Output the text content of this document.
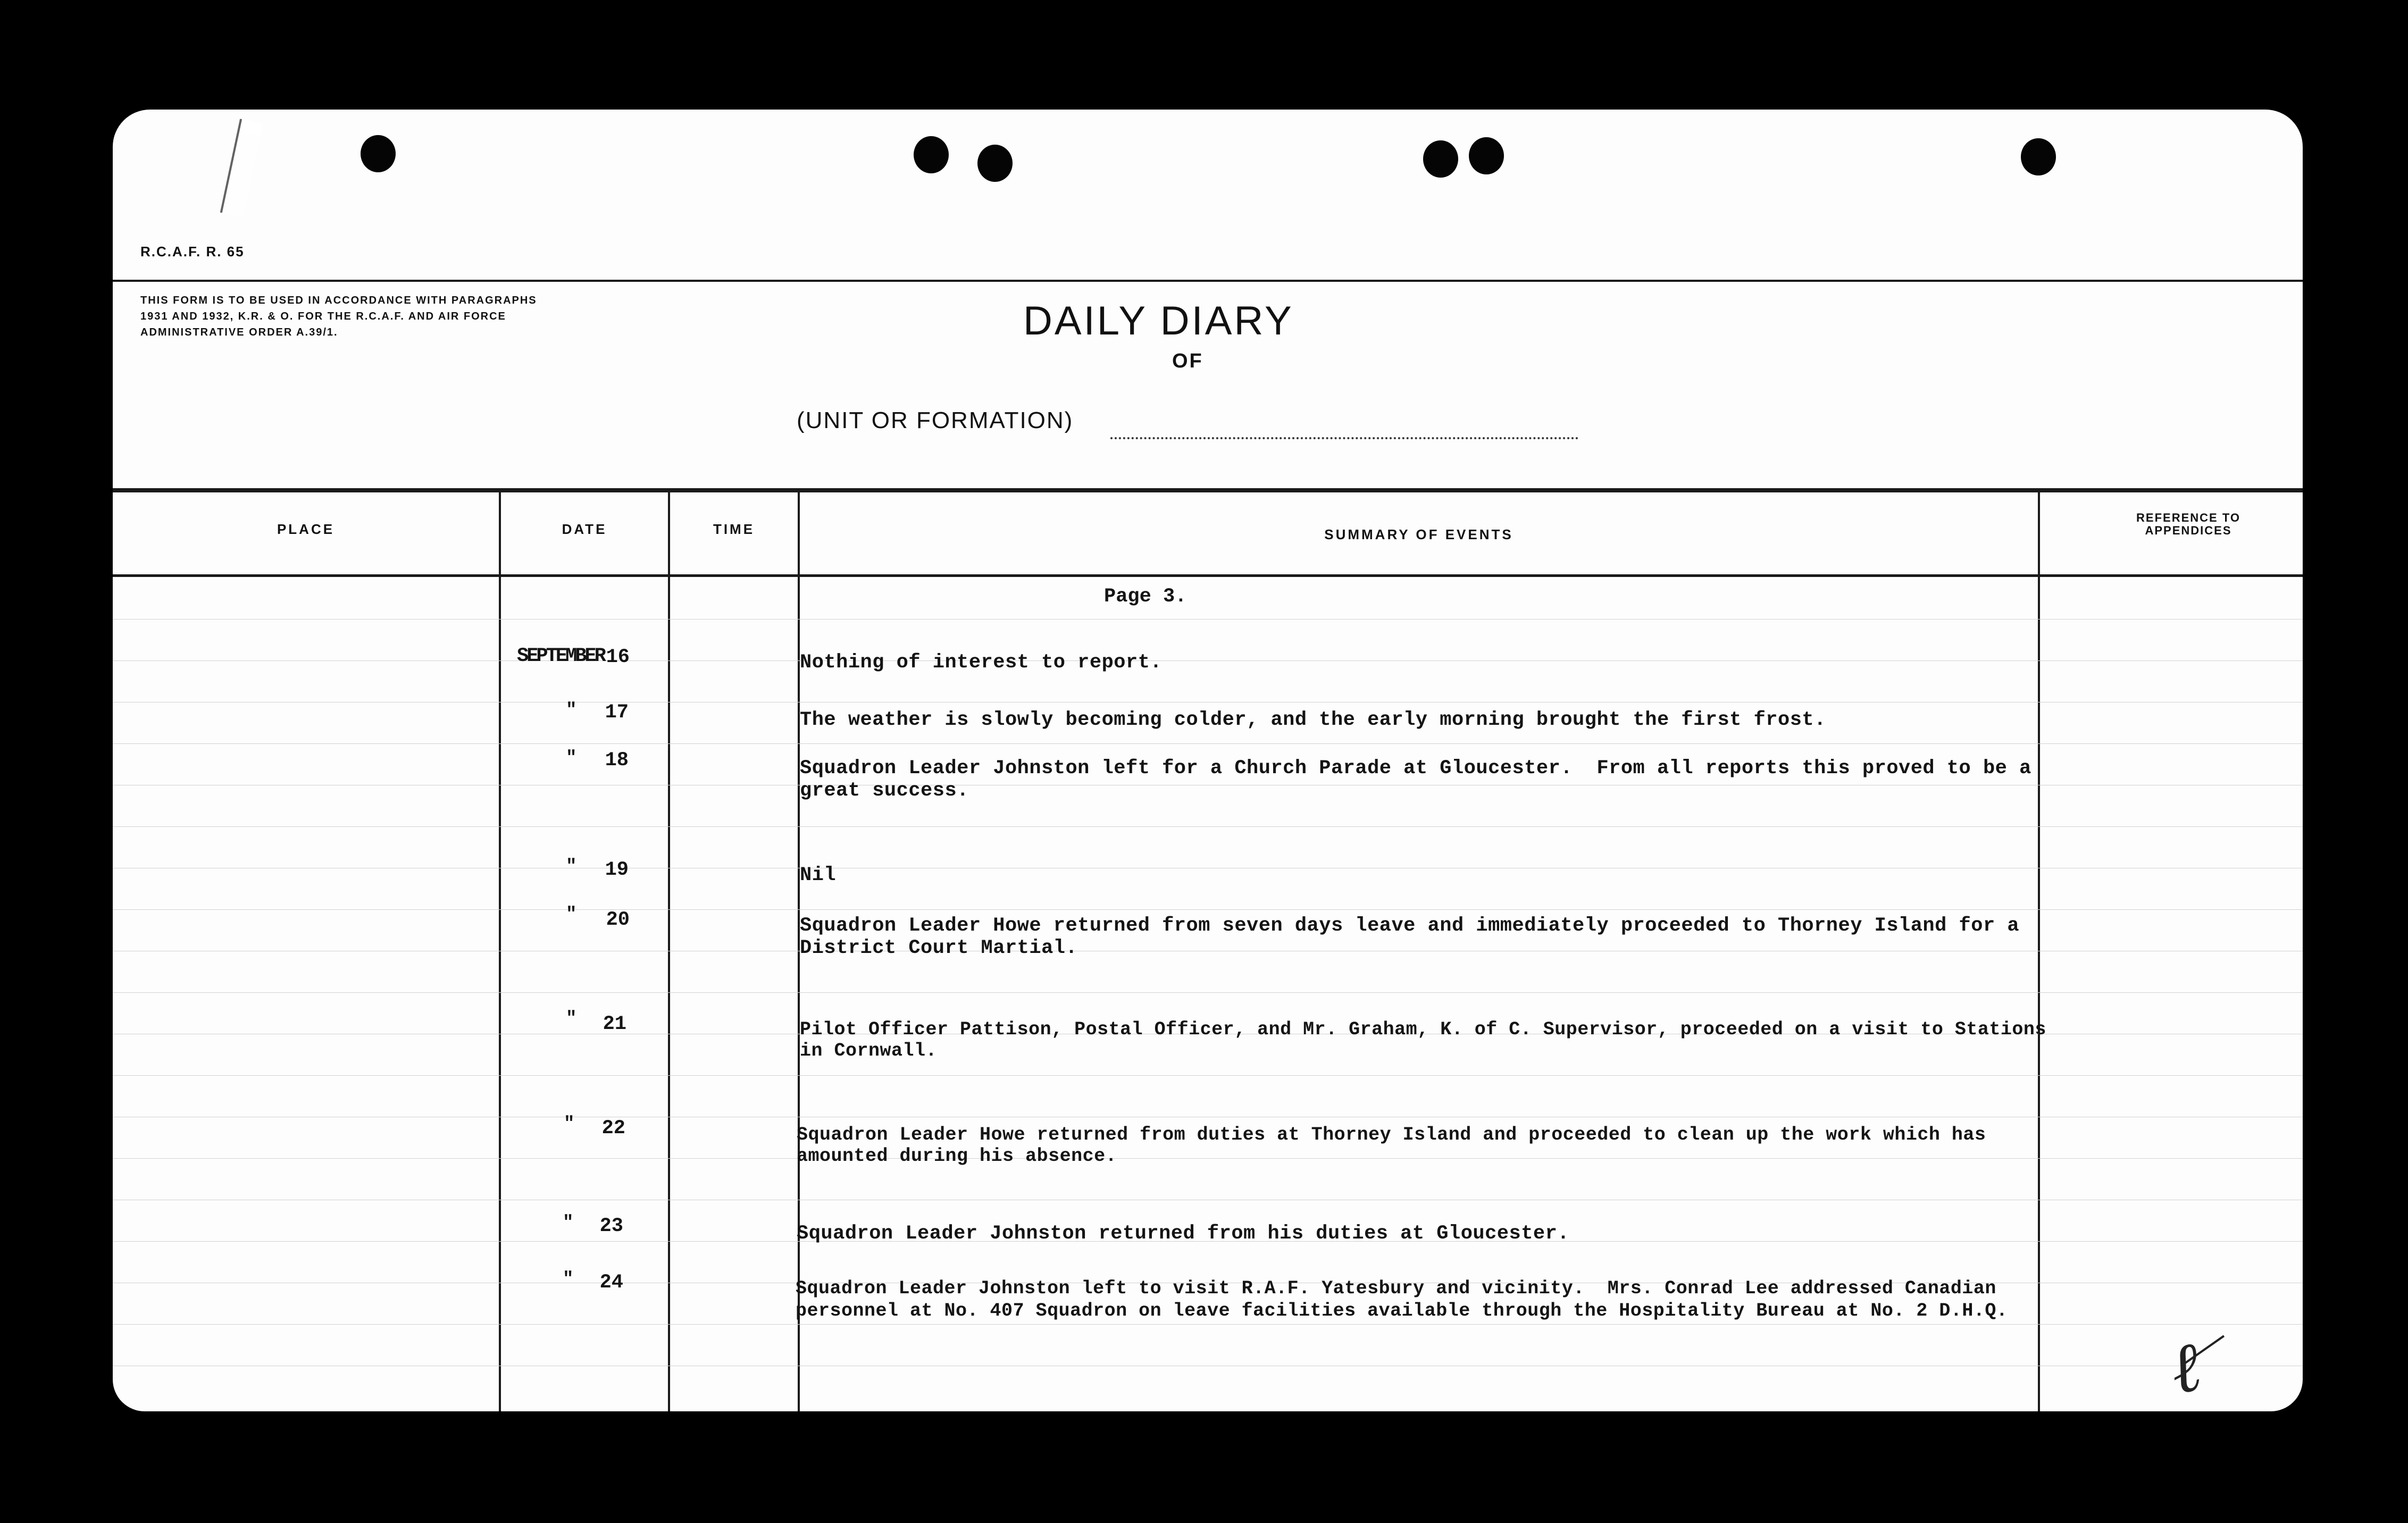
R.C.A.F. R. 65
THIS FORM IS TO BE USED IN ACCORDANCE WITH PARAGRAPHS 1931 AND 1932, K.R. & O. FOR THE R.C.A.F. AND AIR FORCE ADMINISTRATIVE ORDER A.39/1.	DAILY DIARY
OF
(UNIT OR FORMATION)
PLACE	DATE	TIME	SUMMARY OF EVENTS
REFERENCE TO APPENDICES
Page 3.
SEPTEMBER 16	Nothing of interest to report.
"	17	The weather is slowly becoming colder, and the early morning brought the first frost.
"	18	Squadron Leader Johnston left for a Church Parade at Gloucester.  From all reports this proved to be a
great success.
"	19	Nil
"	20	Squadron Leader Howe returned from seven days leave and immediately proceeded to Thorney Island for a
District Court Martial.
"	21	Pilot Officer Pattison, Postal Officer, and Mr. Graham, K. of C. Supervisor, proceeded on a visit to Stations
in Cornwall.
"	22	Squadron Leader Howe returned from duties at Thorney Island and proceeded to clean up the work which has
amounted during his absence.
"	23	Squadron Leader Johnston returned from his duties at Gloucester.
"	24	Squadron Leader Johnston left to visit R.A.F. Yatesbury and vicinity.  Mrs. Conrad Lee addressed Canadian
personnel at No. 407 Squadron on leave facilities available through the Hospitality Bureau at No. 2 D.H.Q.
ℓ
